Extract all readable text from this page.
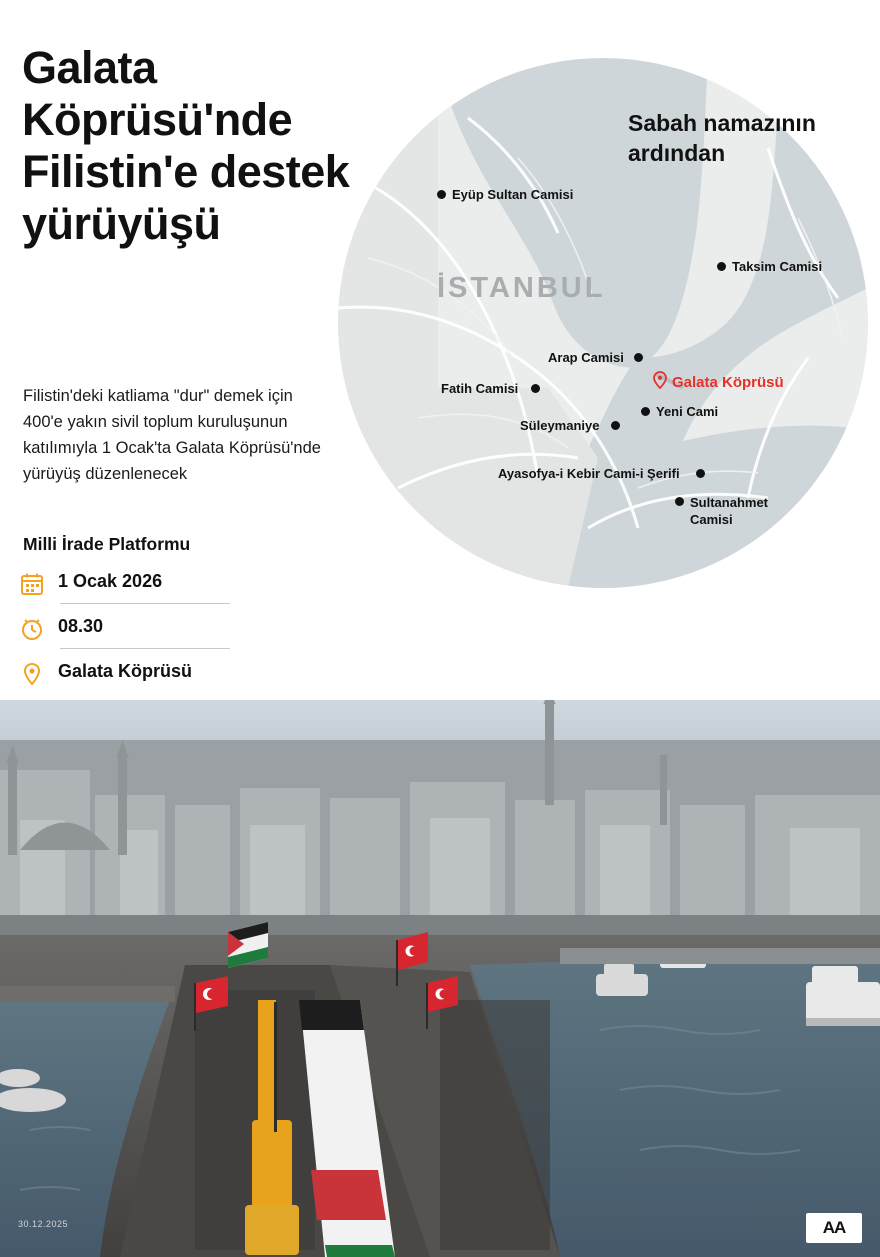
Galata Köprüsü'nde Filistin'e destek yürüyüşü
Filistin'deki katliama "dur" demek için 400'e yakın sivil toplum kuruluşunun katılımıyla 1 Ocak'ta Galata Köprüsü'nde yürüyüş düzenlenecek
Milli İrade Platformu
1 Ocak 2026
08.30
Galata Köprüsü
Sabah namazının ardından
İSTANBUL
Eyüp Sultan Camisi
Taksim Camisi
Arap Camisi
Galata Köprüsü
Fatih Camisi
Yeni Cami
Süleymaniye
Ayasofya-i Kebir Cami-i Şerifi
Sultanahmet Camisi
30.12.2025	AA
